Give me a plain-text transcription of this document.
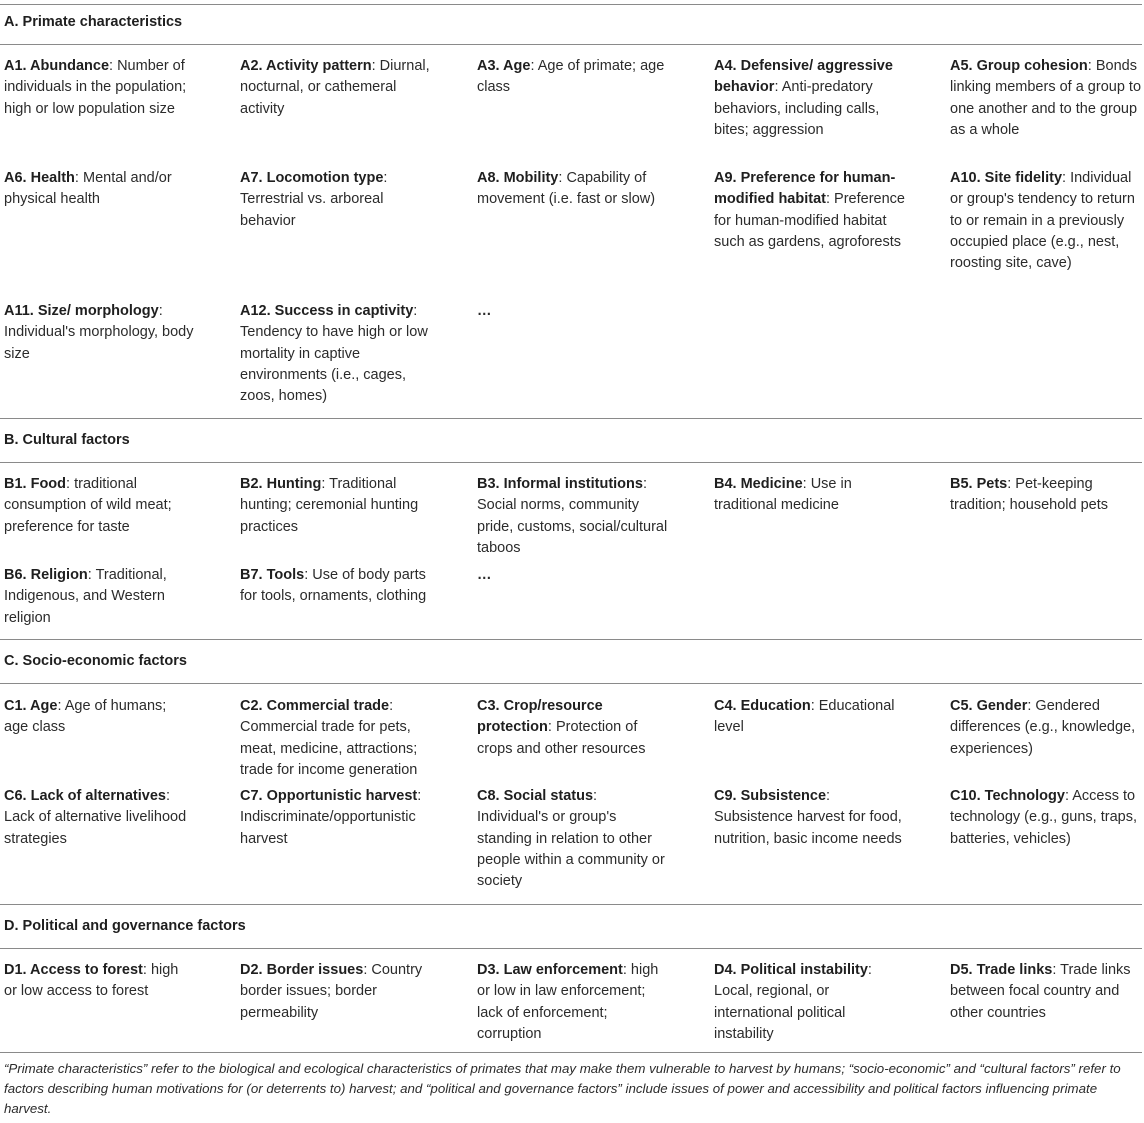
A. Primate characteristics
A1. Abundance: Number of individuals in the population; high or low population size
A2. Activity pattern: Diurnal, nocturnal, or cathemeral activity
A3. Age: Age of primate; age class
A4. Defensive/ aggressive behavior: Anti-predatory behaviors, including calls, bites; aggression
A5. Group cohesion: Bonds linking members of a group to one another and to the group as a whole
A6. Health: Mental and/or physical health
A7. Locomotion type: Terrestrial vs. arboreal behavior
A8. Mobility: Capability of movement (i.e. fast or slow)
A9. Preference for human-modified habitat: Preference for human-modified habitat such as gardens, agroforests
A10. Site fidelity: Individual or group's tendency to return to or remain in a previously occupied place (e.g., nest, roosting site, cave)
A11. Size/ morphology: Individual's morphology, body size
A12. Success in captivity: Tendency to have high or low mortality in captive environments (i.e., cages, zoos, homes)
…
B. Cultural factors
B1. Food: traditional consumption of wild meat; preference for taste
B2. Hunting: Traditional hunting; ceremonial hunting practices
B3. Informal institutions: Social norms, community pride, customs, social/cultural taboos
B4. Medicine: Use in traditional medicine
B5. Pets: Pet-keeping tradition; household pets
B6. Religion: Traditional, Indigenous, and Western religion
B7. Tools: Use of body parts for tools, ornaments, clothing
…
C. Socio-economic factors
C1. Age: Age of humans; age class
C2. Commercial trade: Commercial trade for pets, meat, medicine, attractions; trade for income generation
C3. Crop/resource protection: Protection of crops and other resources
C4. Education: Educational level
C5. Gender: Gendered differences (e.g., knowledge, experiences)
C6. Lack of alternatives: Lack of alternative livelihood strategies
C7. Opportunistic harvest: Indiscriminate/opportunistic harvest
C8. Social status: Individual's or group's standing in relation to other people within a community or society
C9. Subsistence: Subsistence harvest for food, nutrition, basic income needs
C10. Technology: Access to technology (e.g., guns, traps, batteries, vehicles)
D. Political and governance factors
D1. Access to forest: high or low access to forest
D2. Border issues: Country border issues; border permeability
D3. Law enforcement: high or low in law enforcement; lack of enforcement; corruption
D4. Political instability: Local, regional, or international political instability
D5. Trade links: Trade links between focal country and other countries
“Primate characteristics” refer to the biological and ecological characteristics of primates that may make them vulnerable to harvest by humans; “socio-economic” and “cultural factors” refer to factors describing human motivations for (or deterrents to) harvest; and “political and governance factors” include issues of power and accessibility and political factors influencing primate harvest.
